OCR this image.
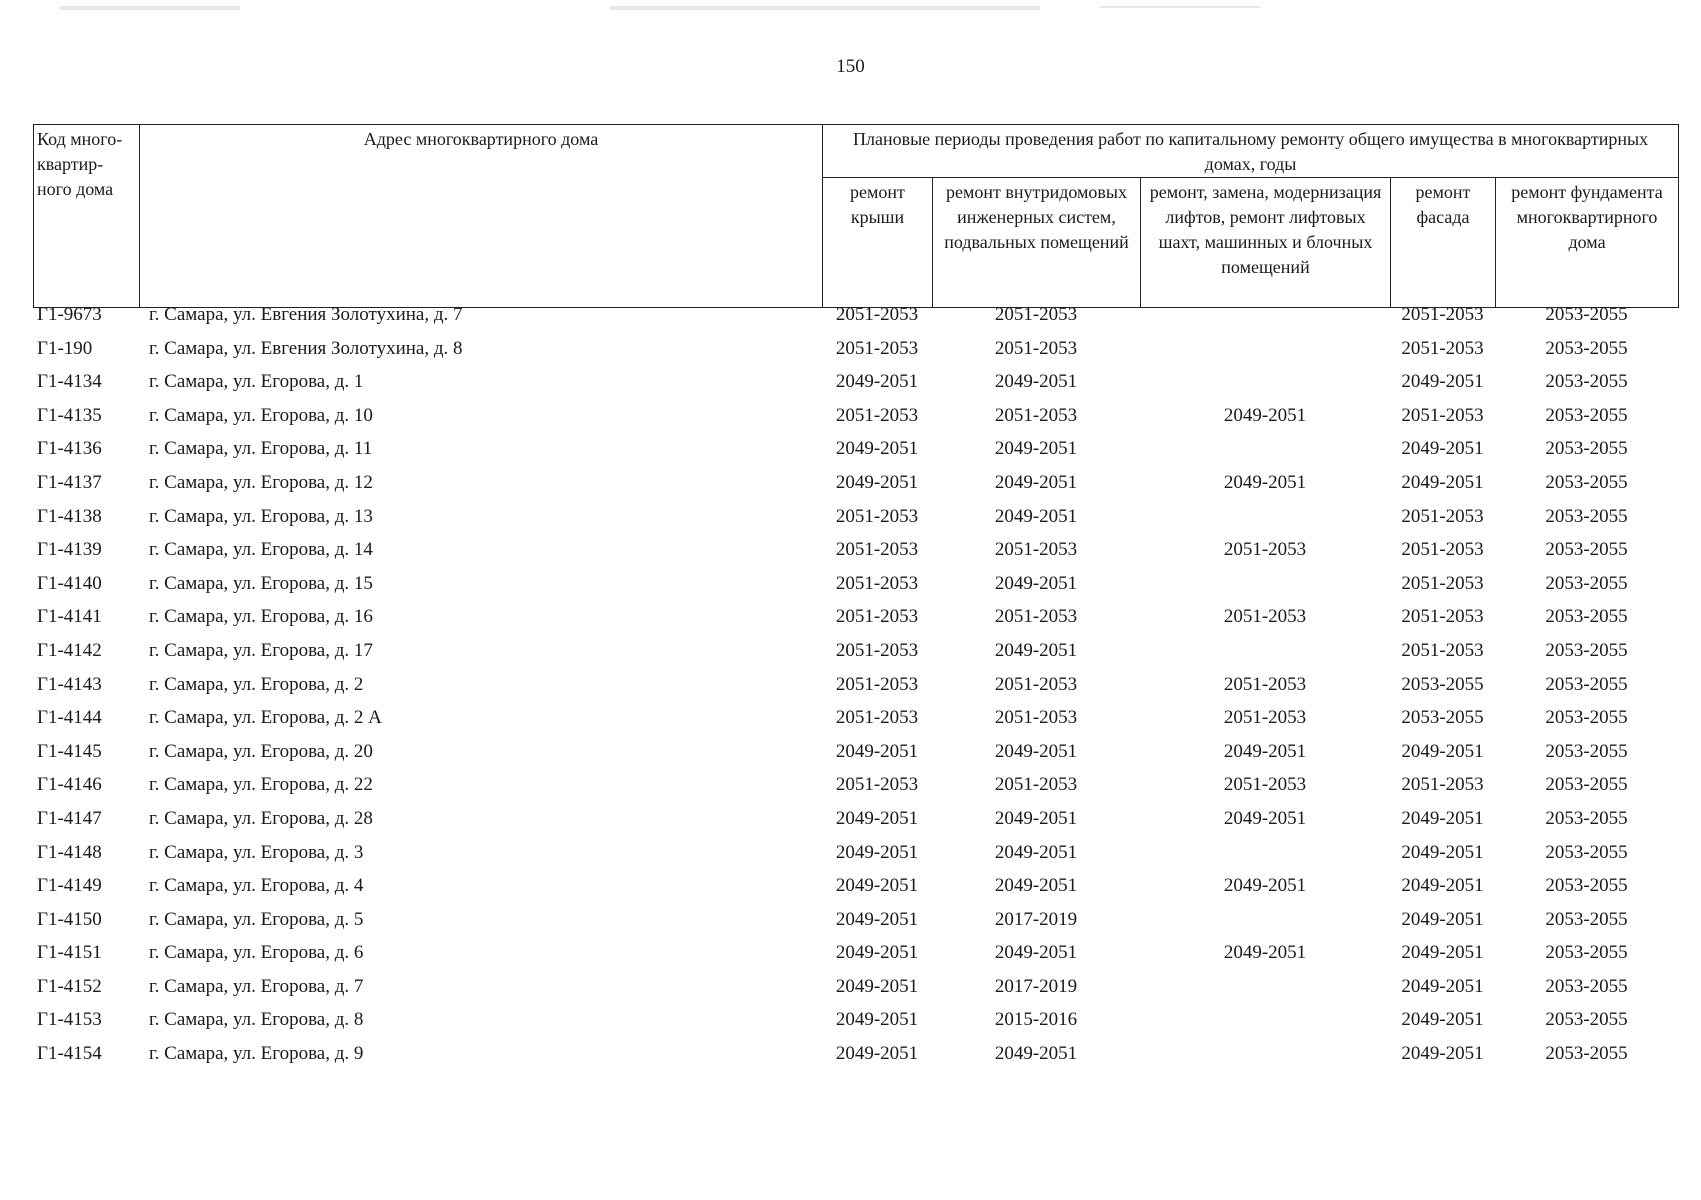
150
Код много-квартир-ного дома	Адрес многоквартирного дома	Плановые периоды проведения работ по капитальному ремонту общего имущества в многоквартирных домах, годы				
		ремонт крыши	ремонт внутридомовых инженерных систем, подвальных помещений	ремонт, замена, модернизация лифтов, ремонт лифтовых шахт, машинных и блочных помещений	ремонт фасада	ремонт фундамента многоквартирного дома
Г1-9673	г. Самара, ул. Евгения Золотухина, д. 7	2051-2053	2051-2053		2051-2053	2053-2055
Г1-190	г. Самара, ул. Евгения Золотухина, д. 8	2051-2053	2051-2053		2051-2053	2053-2055
Г1-4134	г. Самара, ул. Егорова, д. 1	2049-2051	2049-2051		2049-2051	2053-2055
Г1-4135	г. Самара, ул. Егорова, д. 10	2051-2053	2051-2053	2049-2051	2051-2053	2053-2055
Г1-4136	г. Самара, ул. Егорова, д. 11	2049-2051	2049-2051		2049-2051	2053-2055
Г1-4137	г. Самара, ул. Егорова, д. 12	2049-2051	2049-2051	2049-2051	2049-2051	2053-2055
Г1-4138	г. Самара, ул. Егорова, д. 13	2051-2053	2049-2051		2051-2053	2053-2055
Г1-4139	г. Самара, ул. Егорова, д. 14	2051-2053	2051-2053	2051-2053	2051-2053	2053-2055
Г1-4140	г. Самара, ул. Егорова, д. 15	2051-2053	2049-2051		2051-2053	2053-2055
Г1-4141	г. Самара, ул. Егорова, д. 16	2051-2053	2051-2053	2051-2053	2051-2053	2053-2055
Г1-4142	г. Самара, ул. Егорова, д. 17	2051-2053	2049-2051		2051-2053	2053-2055
Г1-4143	г. Самара, ул. Егорова, д. 2	2051-2053	2051-2053	2051-2053	2053-2055	2053-2055
Г1-4144	г. Самара, ул. Егорова, д. 2 А	2051-2053	2051-2053	2051-2053	2053-2055	2053-2055
Г1-4145	г. Самара, ул. Егорова, д. 20	2049-2051	2049-2051	2049-2051	2049-2051	2053-2055
Г1-4146	г. Самара, ул. Егорова, д. 22	2051-2053	2051-2053	2051-2053	2051-2053	2053-2055
Г1-4147	г. Самара, ул. Егорова, д. 28	2049-2051	2049-2051	2049-2051	2049-2051	2053-2055
Г1-4148	г. Самара, ул. Егорова, д. 3	2049-2051	2049-2051		2049-2051	2053-2055
Г1-4149	г. Самара, ул. Егорова, д. 4	2049-2051	2049-2051	2049-2051	2049-2051	2053-2055
Г1-4150	г. Самара, ул. Егорова, д. 5	2049-2051	2017-2019		2049-2051	2053-2055
Г1-4151	г. Самара, ул. Егорова, д. 6	2049-2051	2049-2051	2049-2051	2049-2051	2053-2055
Г1-4152	г. Самара, ул. Егорова, д. 7	2049-2051	2017-2019		2049-2051	2053-2055
Г1-4153	г. Самара, ул. Егорова, д. 8	2049-2051	2015-2016		2049-2051	2053-2055
Г1-4154	г. Самара, ул. Егорова, д. 9	2049-2051	2049-2051		2049-2051	2053-2055
